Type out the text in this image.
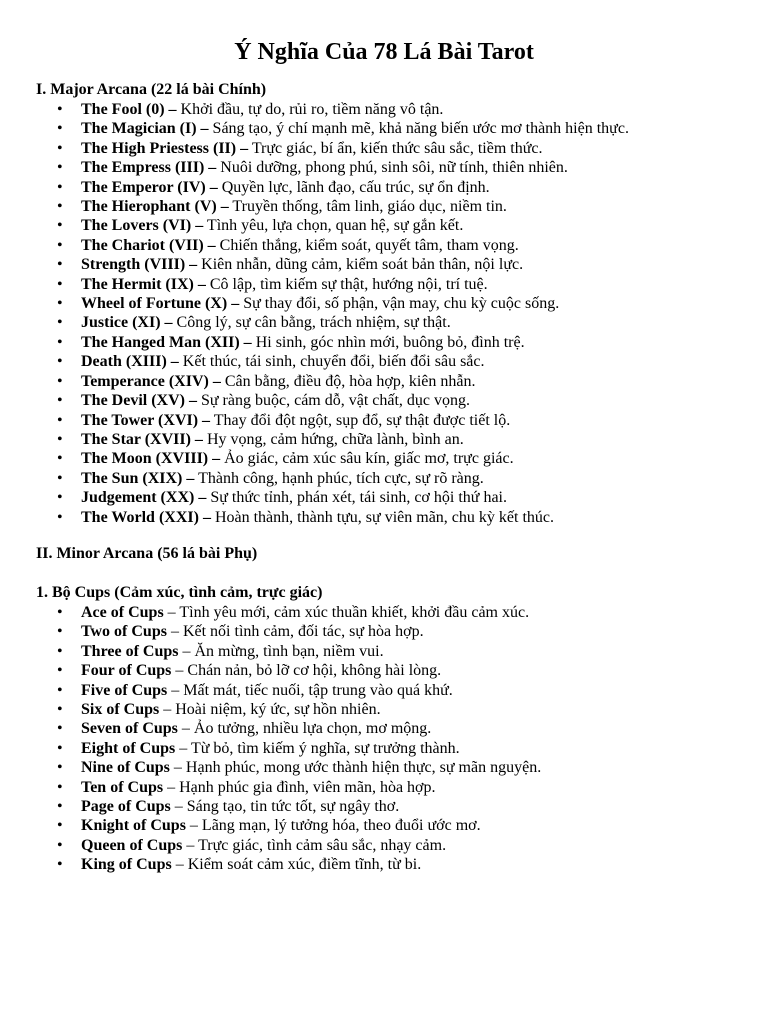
Ý Nghĩa Của 78 Lá Bài Tarot
I. Major Arcana (22 lá bài Chính)
• The Fool (0) – Khởi đầu, tự do, rủi ro, tiềm năng vô tận.
• The Magician (I) – Sáng tạo, ý chí mạnh mẽ, khả năng biến ước mơ thành hiện thực.
• The High Priestess (II) – Trực giác, bí ẩn, kiến thức sâu sắc, tiềm thức.
• The Empress (III) – Nuôi dưỡng, phong phú, sinh sôi, nữ tính, thiên nhiên.
• The Emperor (IV) – Quyền lực, lãnh đạo, cấu trúc, sự ổn định.
• The Hierophant (V) – Truyền thống, tâm linh, giáo dục, niềm tin.
• The Lovers (VI) – Tình yêu, lựa chọn, quan hệ, sự gắn kết.
• The Chariot (VII) – Chiến thắng, kiểm soát, quyết tâm, tham vọng.
• Strength (VIII) – Kiên nhẫn, dũng cảm, kiểm soát bản thân, nội lực.
• The Hermit (IX) – Cô lập, tìm kiếm sự thật, hướng nội, trí tuệ.
• Wheel of Fortune (X) – Sự thay đổi, số phận, vận may, chu kỳ cuộc sống.
• Justice (XI) – Công lý, sự cân bằng, trách nhiệm, sự thật.
• The Hanged Man (XII) – Hi sinh, góc nhìn mới, buông bỏ, đình trệ.
• Death (XIII) – Kết thúc, tái sinh, chuyển đổi, biến đổi sâu sắc.
• Temperance (XIV) – Cân bằng, điều độ, hòa hợp, kiên nhẫn.
• The Devil (XV) – Sự ràng buộc, cám dỗ, vật chất, dục vọng.
• The Tower (XVI) – Thay đổi đột ngột, sụp đổ, sự thật được tiết lộ.
• The Star (XVII) – Hy vọng, cảm hứng, chữa lành, bình an.
• The Moon (XVIII) – Ảo giác, cảm xúc sâu kín, giấc mơ, trực giác.
• The Sun (XIX) – Thành công, hạnh phúc, tích cực, sự rõ ràng.
• Judgement (XX) – Sự thức tỉnh, phán xét, tái sinh, cơ hội thứ hai.
• The World (XXI) – Hoàn thành, thành tựu, sự viên mãn, chu kỳ kết thúc.
II. Minor Arcana (56 lá bài Phụ)
1. Bộ Cups (Cảm xúc, tình cảm, trực giác)
• Ace of Cups – Tình yêu mới, cảm xúc thuần khiết, khởi đầu cảm xúc.
• Two of Cups – Kết nối tình cảm, đối tác, sự hòa hợp.
• Three of Cups – Ăn mừng, tình bạn, niềm vui.
• Four of Cups – Chán nản, bỏ lỡ cơ hội, không hài lòng.
• Five of Cups – Mất mát, tiếc nuối, tập trung vào quá khứ.
• Six of Cups – Hoài niệm, ký ức, sự hồn nhiên.
• Seven of Cups – Ảo tưởng, nhiều lựa chọn, mơ mộng.
• Eight of Cups – Từ bỏ, tìm kiếm ý nghĩa, sự trưởng thành.
• Nine of Cups – Hạnh phúc, mong ước thành hiện thực, sự mãn nguyện.
• Ten of Cups – Hạnh phúc gia đình, viên mãn, hòa hợp.
• Page of Cups – Sáng tạo, tin tức tốt, sự ngây thơ.
• Knight of Cups – Lãng mạn, lý tưởng hóa, theo đuổi ước mơ.
• Queen of Cups – Trực giác, tình cảm sâu sắc, nhạy cảm.
• King of Cups – Kiểm soát cảm xúc, điềm tĩnh, từ bi.
